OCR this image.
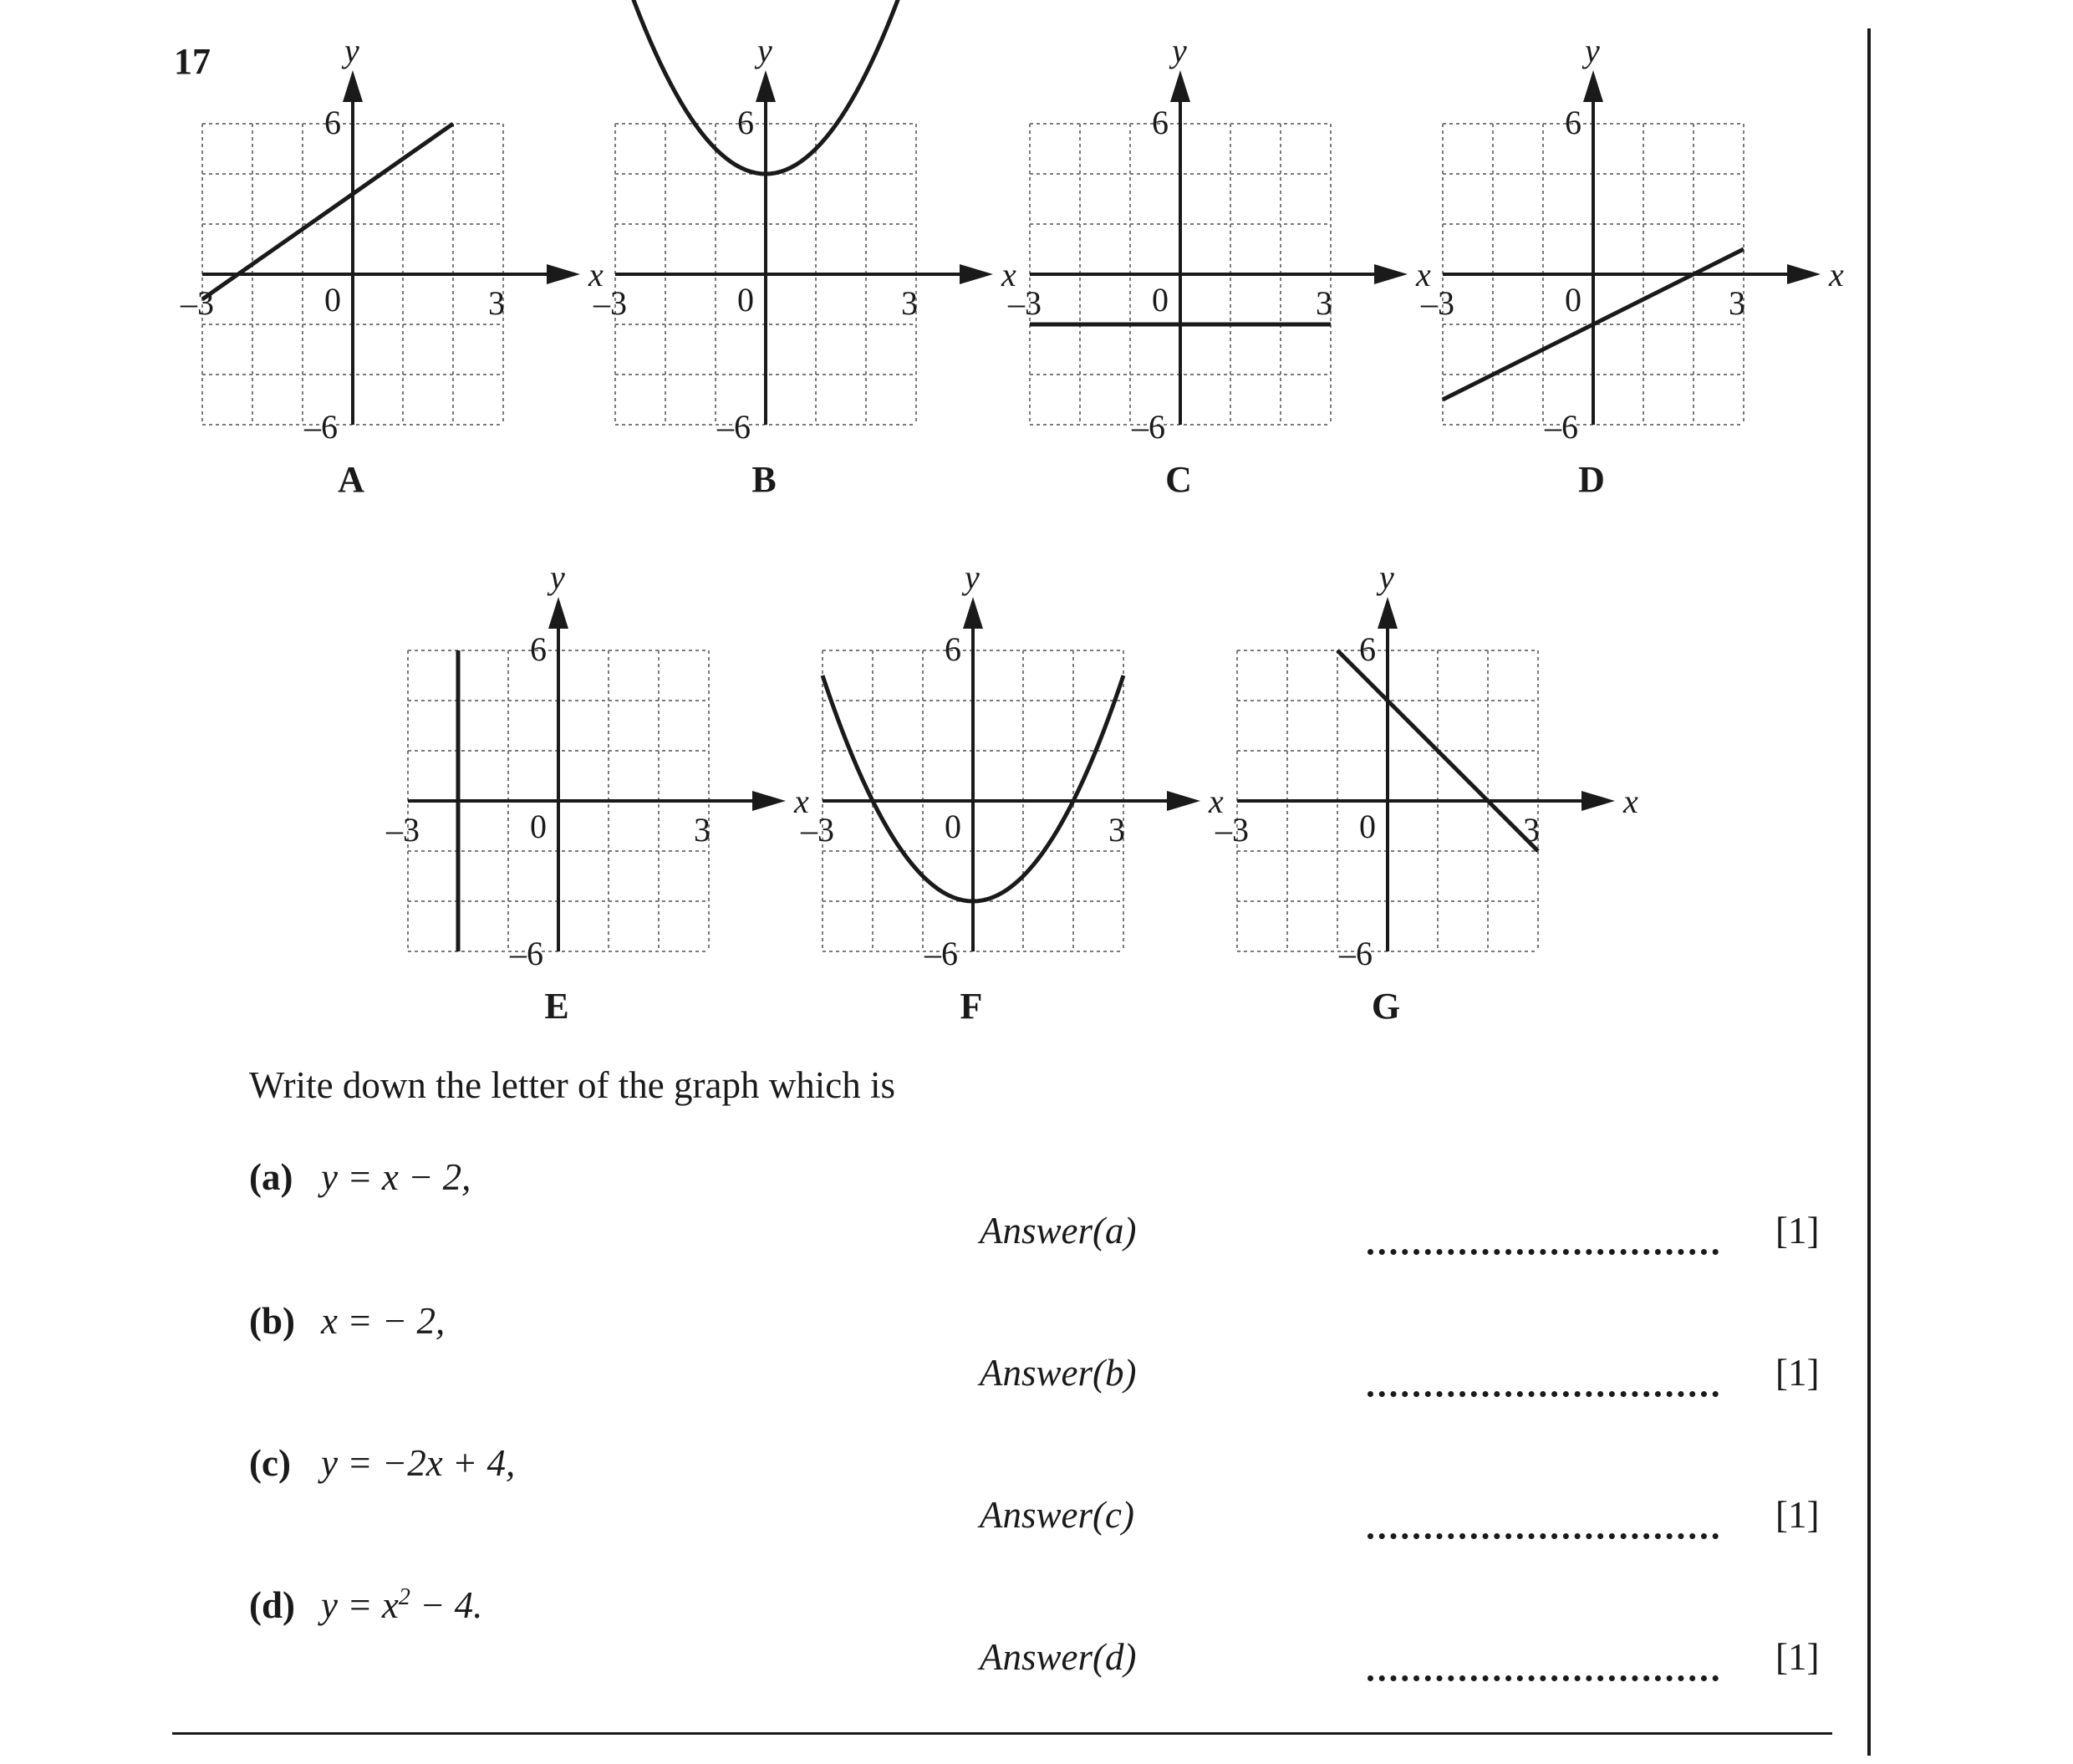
17
x
y
–3	3
0
6
–6
x
y
–3	3
0
6
–6
x
y
–3	3
0
6
–6
x
y
–3	3
0
6
–6
x
y
–3	3
0
6
–6
x
y
–3	3
0
6
–6
x
y
–3	3
0
6
–6
A	B	C	D
E	F	G
Write down the letter of the graph which is
(a) y = x − 2,
Answer(a)	[1]
(b) x = − 2,
Answer(b)	[1]
(c) y = −2x + 4,
Answer(c)	[1]
(d) $y = x^2 - 4$.
Answer(d)	[1]
